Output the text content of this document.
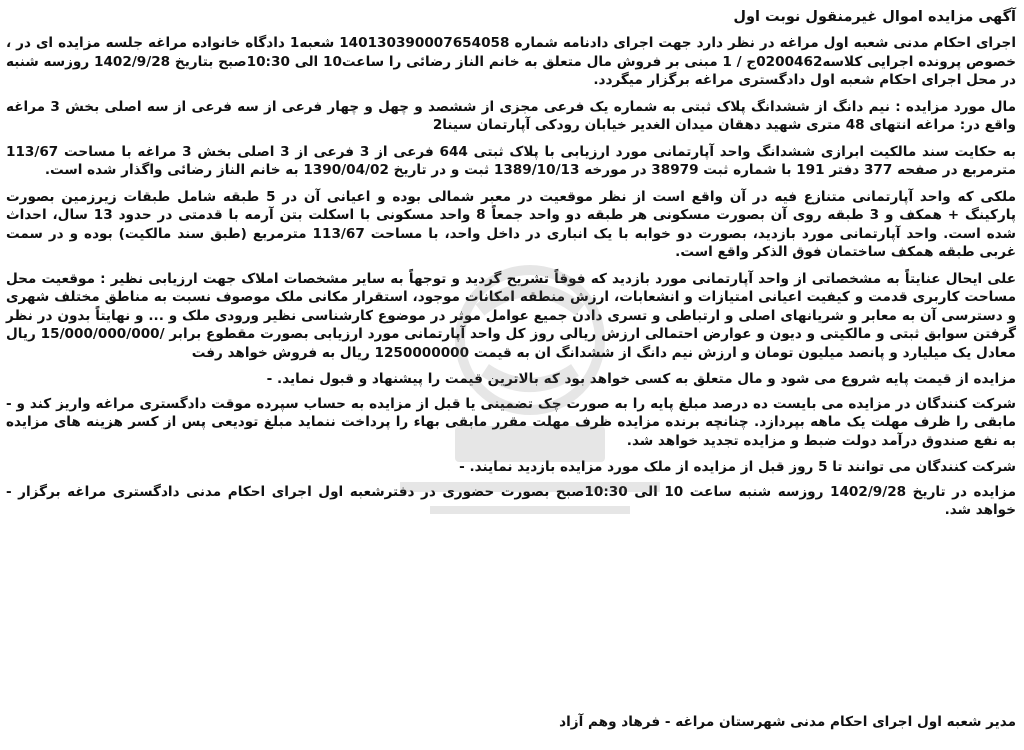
آگهی مزایده اموال غیرمنقول نوبت اول

اجرای احکام مدنی شعبه اول مراغه در نظر دارد جهت اجرای دادنامه شماره 140130390007654058 شعبه1 دادگاه خانواده مراغه جلسه مزایده ای در ، خصوص پرونده اجرایی کلاسه0200462ج / 1 مبنی بر فروش مال متعلق به خانم الناز رضائی را ساعت10 الی 10:30صبح بتاریخ 1402/9/28 روزسه شنبه در محل اجرای احکام شعبه اول دادگستری مراغه برگزار میگردد.

مال مورد مزایده : نیم دانگ از ششدانگ پلاک ثبتی به شماره یک فرعی مجزی از ششصد و چهل و چهار فرعی از سه فرعی از سه اصلی بخش 3 مراغه واقع در: مراغه انتهای 48 متری شهید دهقان میدان الغدیر خیابان رودکی آپارتمان سینا2

به حکایت سند مالکیت ابرازی ششدانگ واحد آپارتمانی مورد ارزیابی با پلاک ثبتی 644 فرعی از 3 فرعی از 3 اصلی بخش 3 مراغه با مساحت 113/67 مترمربع در صفحه 377 دفتر 191 با شماره ثبت 38979 در مورخه 1389/10/13 ثبت و در تاریخ 1390/04/02 به خانم الناز رضائی واگذار شده است.

ملکی که واحد آپارتمانی متنازع فیه در آن واقع است از نظر موقعیت در معبر شمالی بوده و اعیانی آن در 5 طبقه شامل طبقات زیرزمین بصورت پارکینگ + همکف و 3 طبقه روی آن بصورت مسکونی هر طبقه دو واحد جمعاً 8 واحد مسکونی با اسکلت بتن آرمه با قدمتی در حدود 13 سال، احداث شده است. واحد آپارتمانی مورد بازدید، بصورت دو خوابه با یک انباری در داخل واحد، با مساحت 113/67 مترمربع (طبق سند مالکیت) بوده و در سمت غربی طبقه همکف ساختمان فوق الذکر واقع است.

علی ایحال عنایتاً به مشخصاتی از واحد آپارتمانی مورد بازدید که فوقاً تشریح گردید و توجهاً به سایر مشخصات املاک جهت ارزیابی نظیر : موقعیت محل مساحت کاربری قدمت و کیفیت اعیانی امتیازات و انشعابات، ارزش منطقه امکانات موجود، استقرار مکانی ملک موصوف نسبت به مناطق مختلف شهری و دسترسی آن به معابر و شریانهای اصلی و ارتباطی و تسری دادن جمیع عوامل موثر در موضوع کارشناسی نظیر ورودی ملک و ... و نهایتاً بدون در نظر گرفتن سوابق ثبتی و مالکیتی و دیون و عوارض احتمالی ارزش ریالی روز کل واحد آپارتمانی مورد ارزیابی بصورت مقطوع برابر /15/000/000/000 ریال معادل یک میلیارد و پانصد میلیون تومان و ارزش نیم دانگ از ششدانگ ان به قیمت 1250000000 ریال به فروش خواهد رفت

مزایده از قیمت پایه شروع می شود و مال متعلق به کسی خواهد بود که بالاترین قیمت را پیشنهاد و قبول نماید. -

شرکت کنندگان در مزایده می بایست ده درصد مبلغ پایه را به صورت چک تضمینی یا قبل از مزایده به حساب سپرده موقت دادگستری مراغه واریز کند و - مابقی را ظرف مهلت یک ماهه بپردازد. چنانچه برنده مزایده ظرف مهلت مقرر مابقی بهاء را پرداخت ننماید مبلغ تودیعی پس از کسر هزینه های مزایده به نفع صندوق درآمد دولت ضبط و مزایده تجدید خواهد شد.

شرکت کنندگان می توانند تا 5 روز قبل از مزایده از ملک مورد مزایده بازدید نمایند. -

مزایده در تاریخ 1402/9/28 روزسه شنبه ساعت 10 الی 10:30صبح بصورت حضوری در دفترشعبه اول اجرای احکام مدنی دادگستری مراغه برگزار - خواهد شد.

مدیر شعبه اول اجرای احکام مدنی شهرستان مراغه - فرهاد وهم آزاد
